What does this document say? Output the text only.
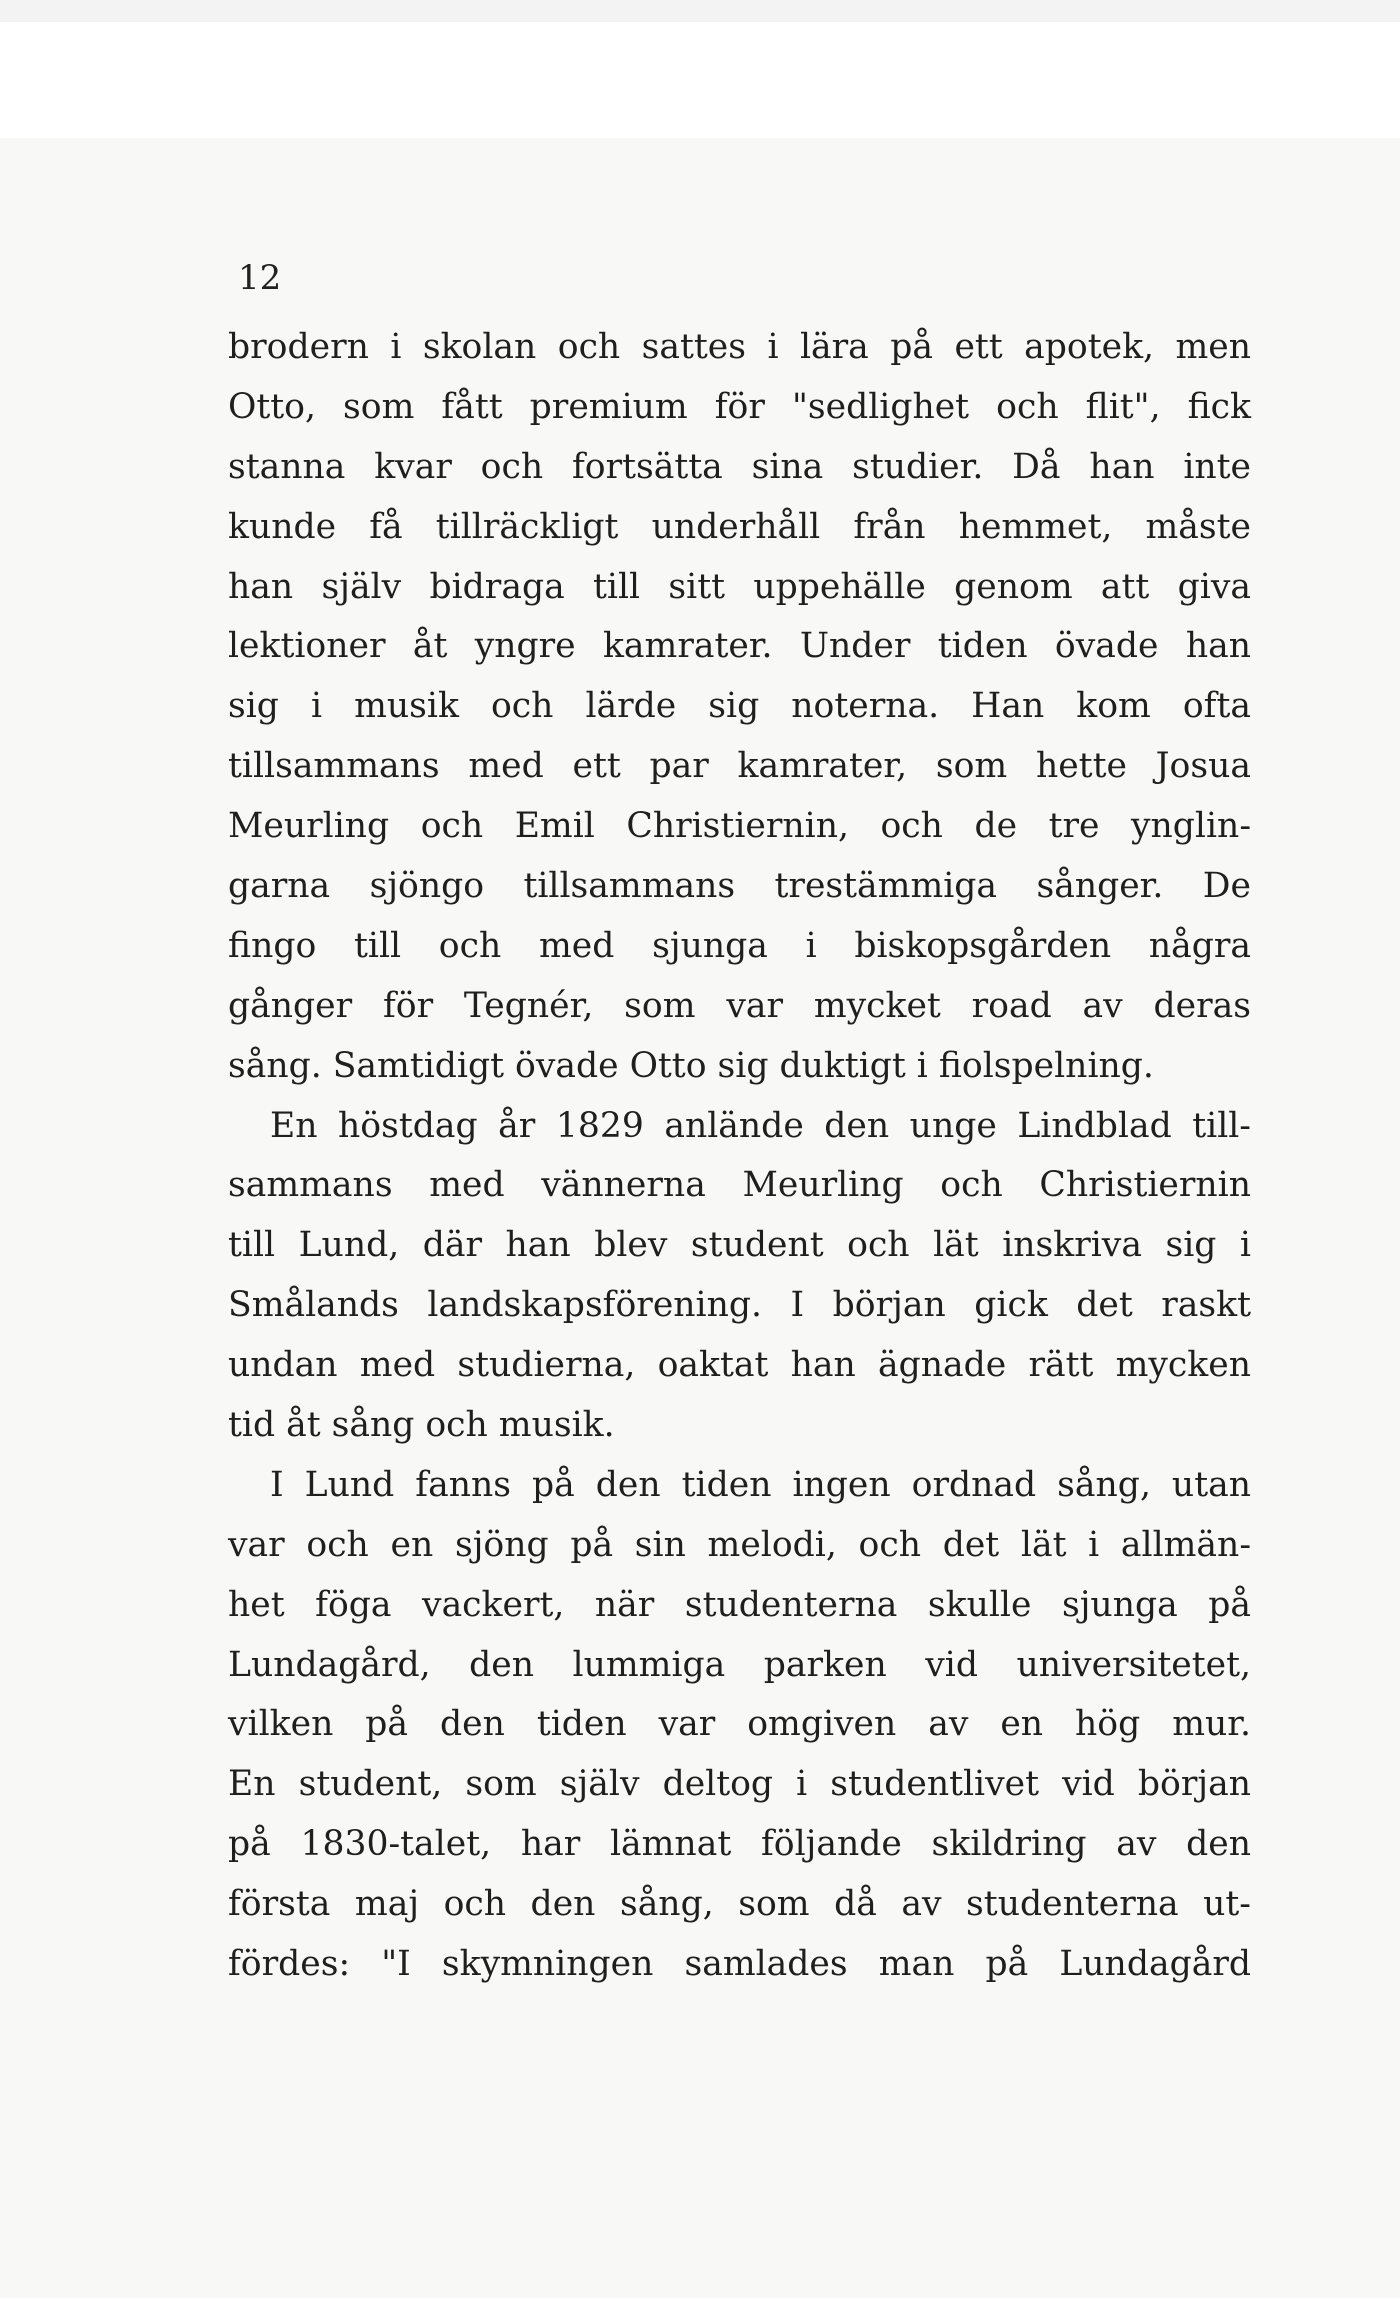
12

brodern i skolan och sattes i lära på ett apotek, men
Otto, som fått premium för "sedlighet och flit", fick
stanna kvar och fortsätta sina studier. Då han inte
kunde få tillräckligt underhåll från hemmet, måste
han själv bidraga till sitt uppehälle genom att giva
lektioner åt yngre kamrater. Under tiden övade han
sig i musik och lärde sig noterna. Han kom ofta
tillsammans med ett par kamrater, som hette Josua
Meurling och Emil Christiernin, och de tre ynglin-
garna sjöngo tillsammans trestämmiga sånger. De
fingo till och med sjunga i biskopsgården några
gånger för Tegnér, som var mycket road av deras
sång. Samtidigt övade Otto sig duktigt i fiolspelning.
En höstdag år 1829 anlände den unge Lindblad till-
sammans med vännerna Meurling och Christiernin
till Lund, där han blev student och lät inskriva sig i
Smålands landskapsförening. I början gick det raskt
undan med studierna, oaktat han ägnade rätt mycken
tid åt sång och musik.
I Lund fanns på den tiden ingen ordnad sång, utan
var och en sjöng på sin melodi, och det lät i allmän-
het föga vackert, när studenterna skulle sjunga på
Lundagård, den lummiga parken vid universitetet,
vilken på den tiden var omgiven av en hög mur.
En student, som själv deltog i studentlivet vid början
på 1830-talet, har lämnat följande skildring av den
första maj och den sång, som då av studenterna ut-
fördes: "I skymningen samlades man på Lundagård
